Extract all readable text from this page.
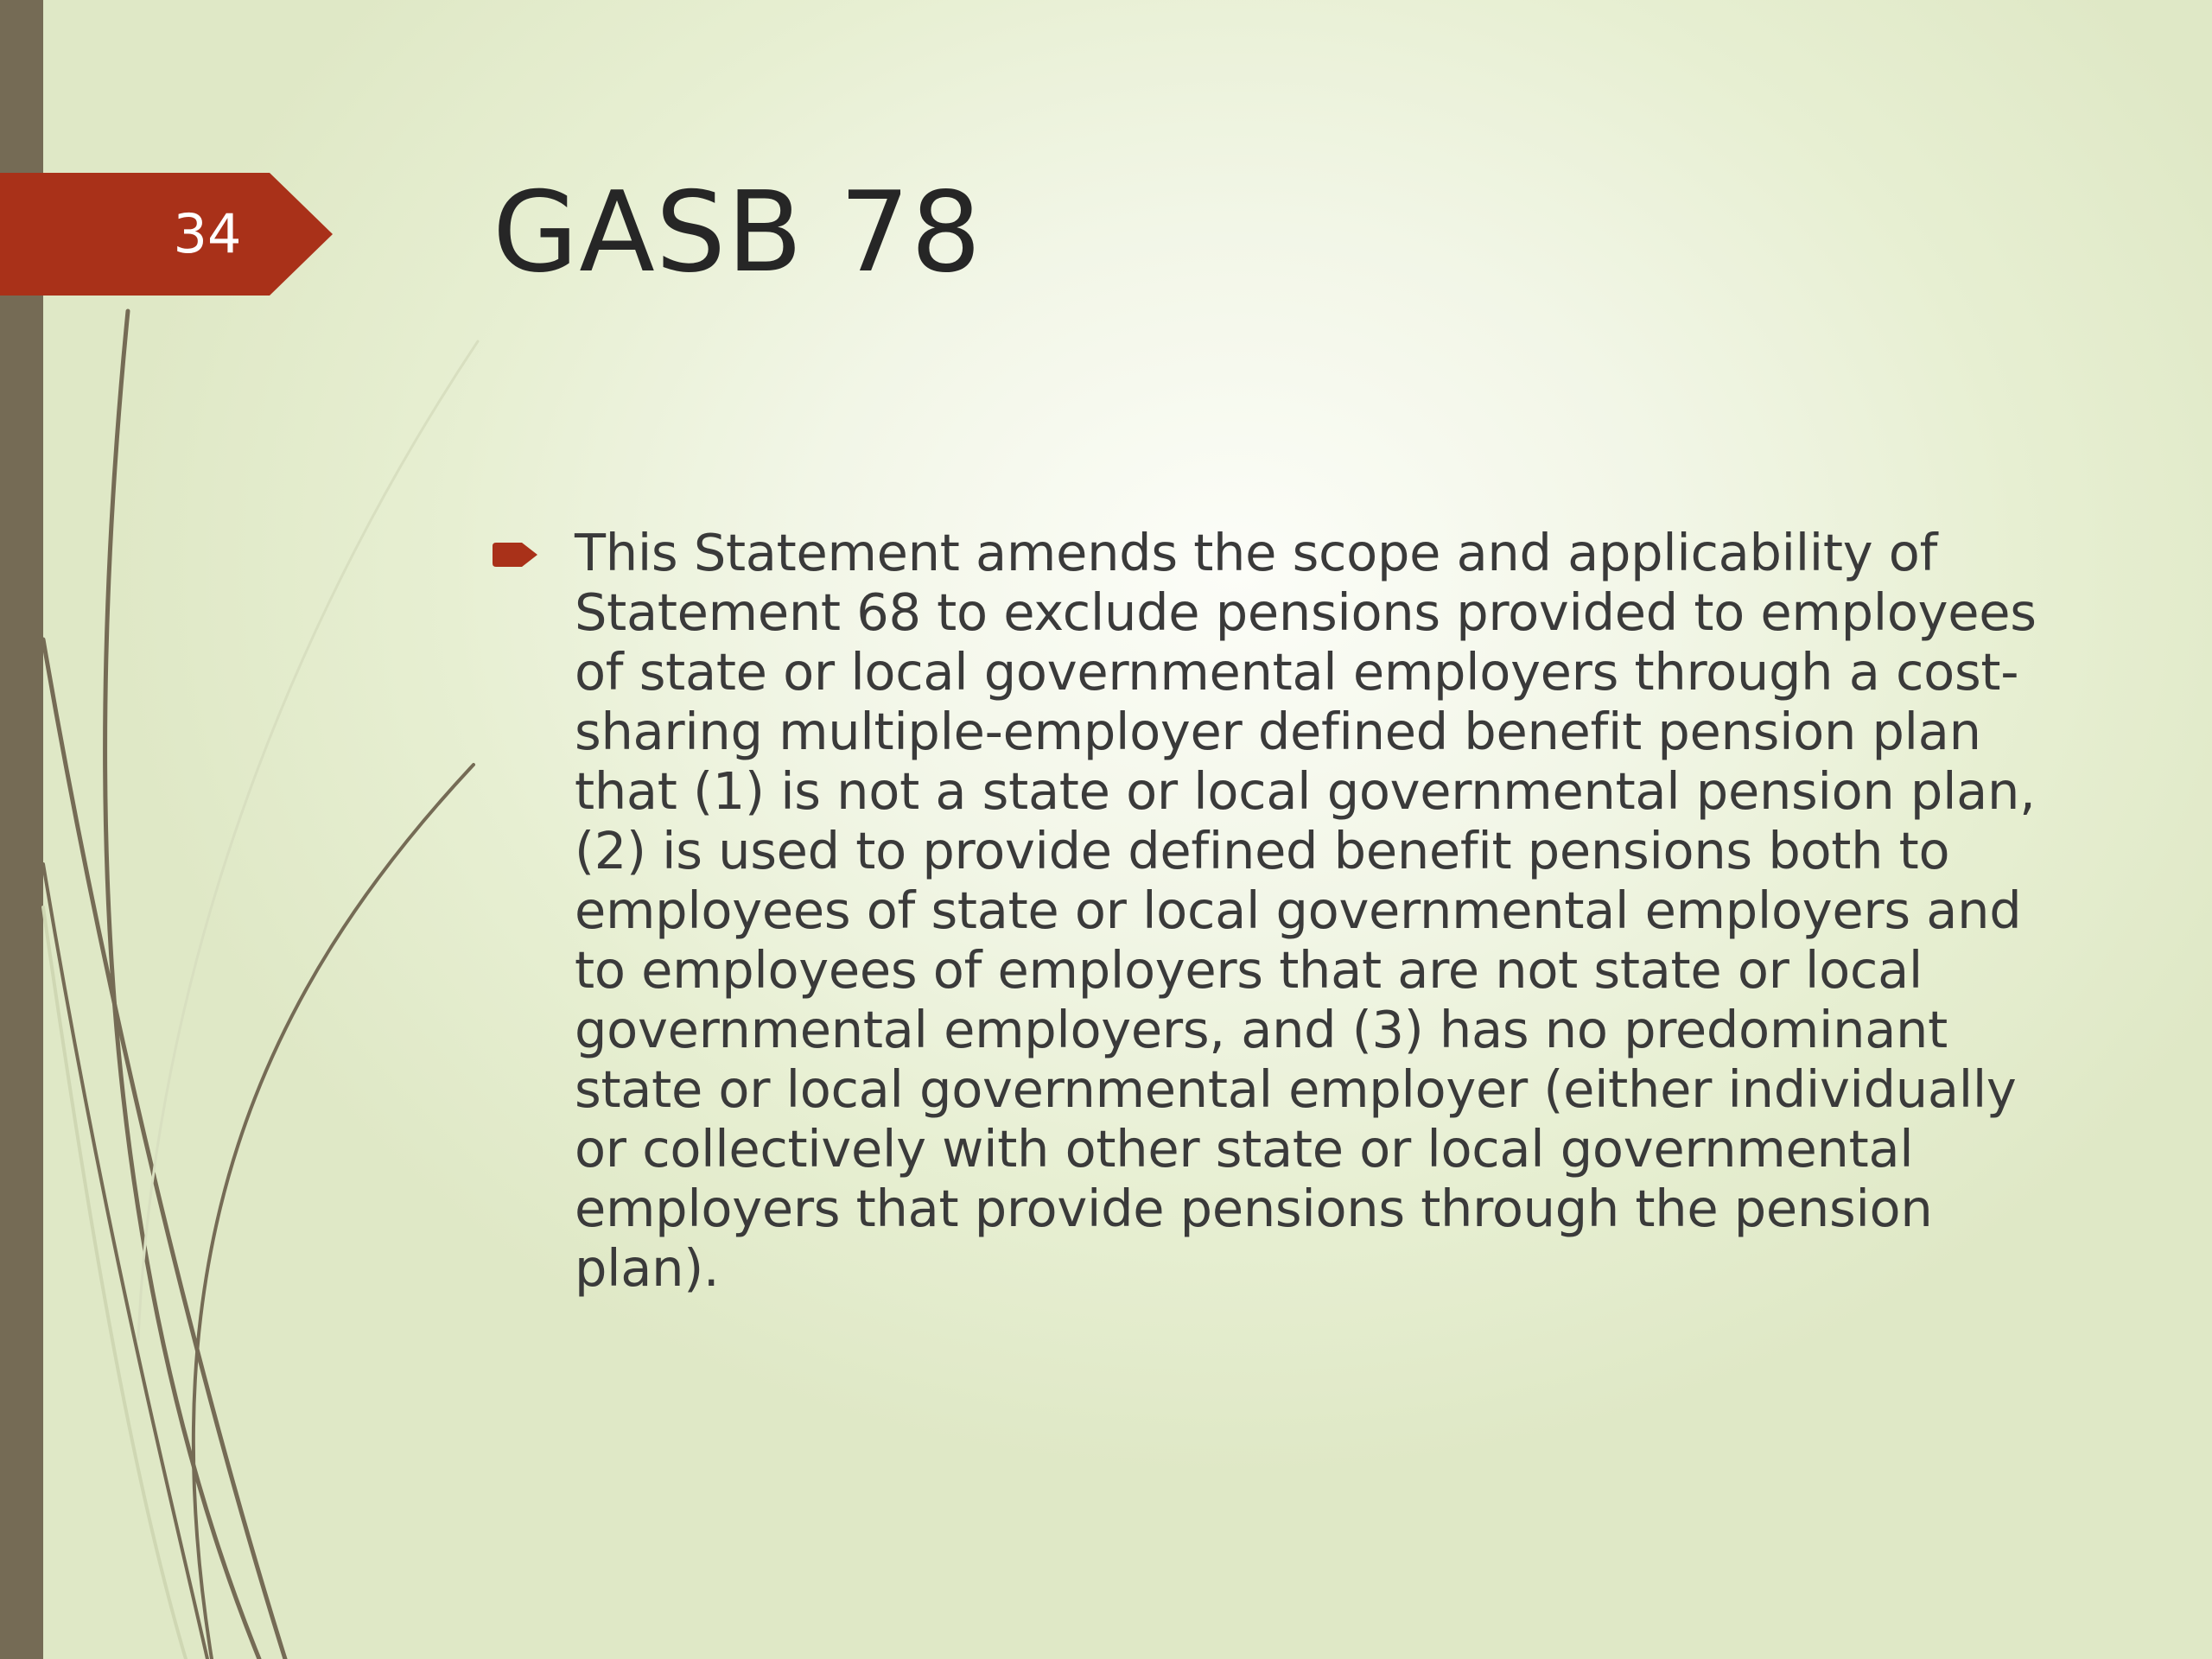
34 GASB 78
This Statement amends the scope and applicability of Statement 68 to exclude pensions provided to employees of state or local governmental employers through a cost-sharing multiple-employer defined benefit pension plan that (1) is not a state or local governmental pension plan, (2) is used to provide defined benefit pensions both to employees of state or local governmental employers and to employees of employers that are not state or local governmental employers, and (3) has no predominant state or local governmental employer (either individually or collectively with other state or local governmental employers that provide pensions through the pension plan).
